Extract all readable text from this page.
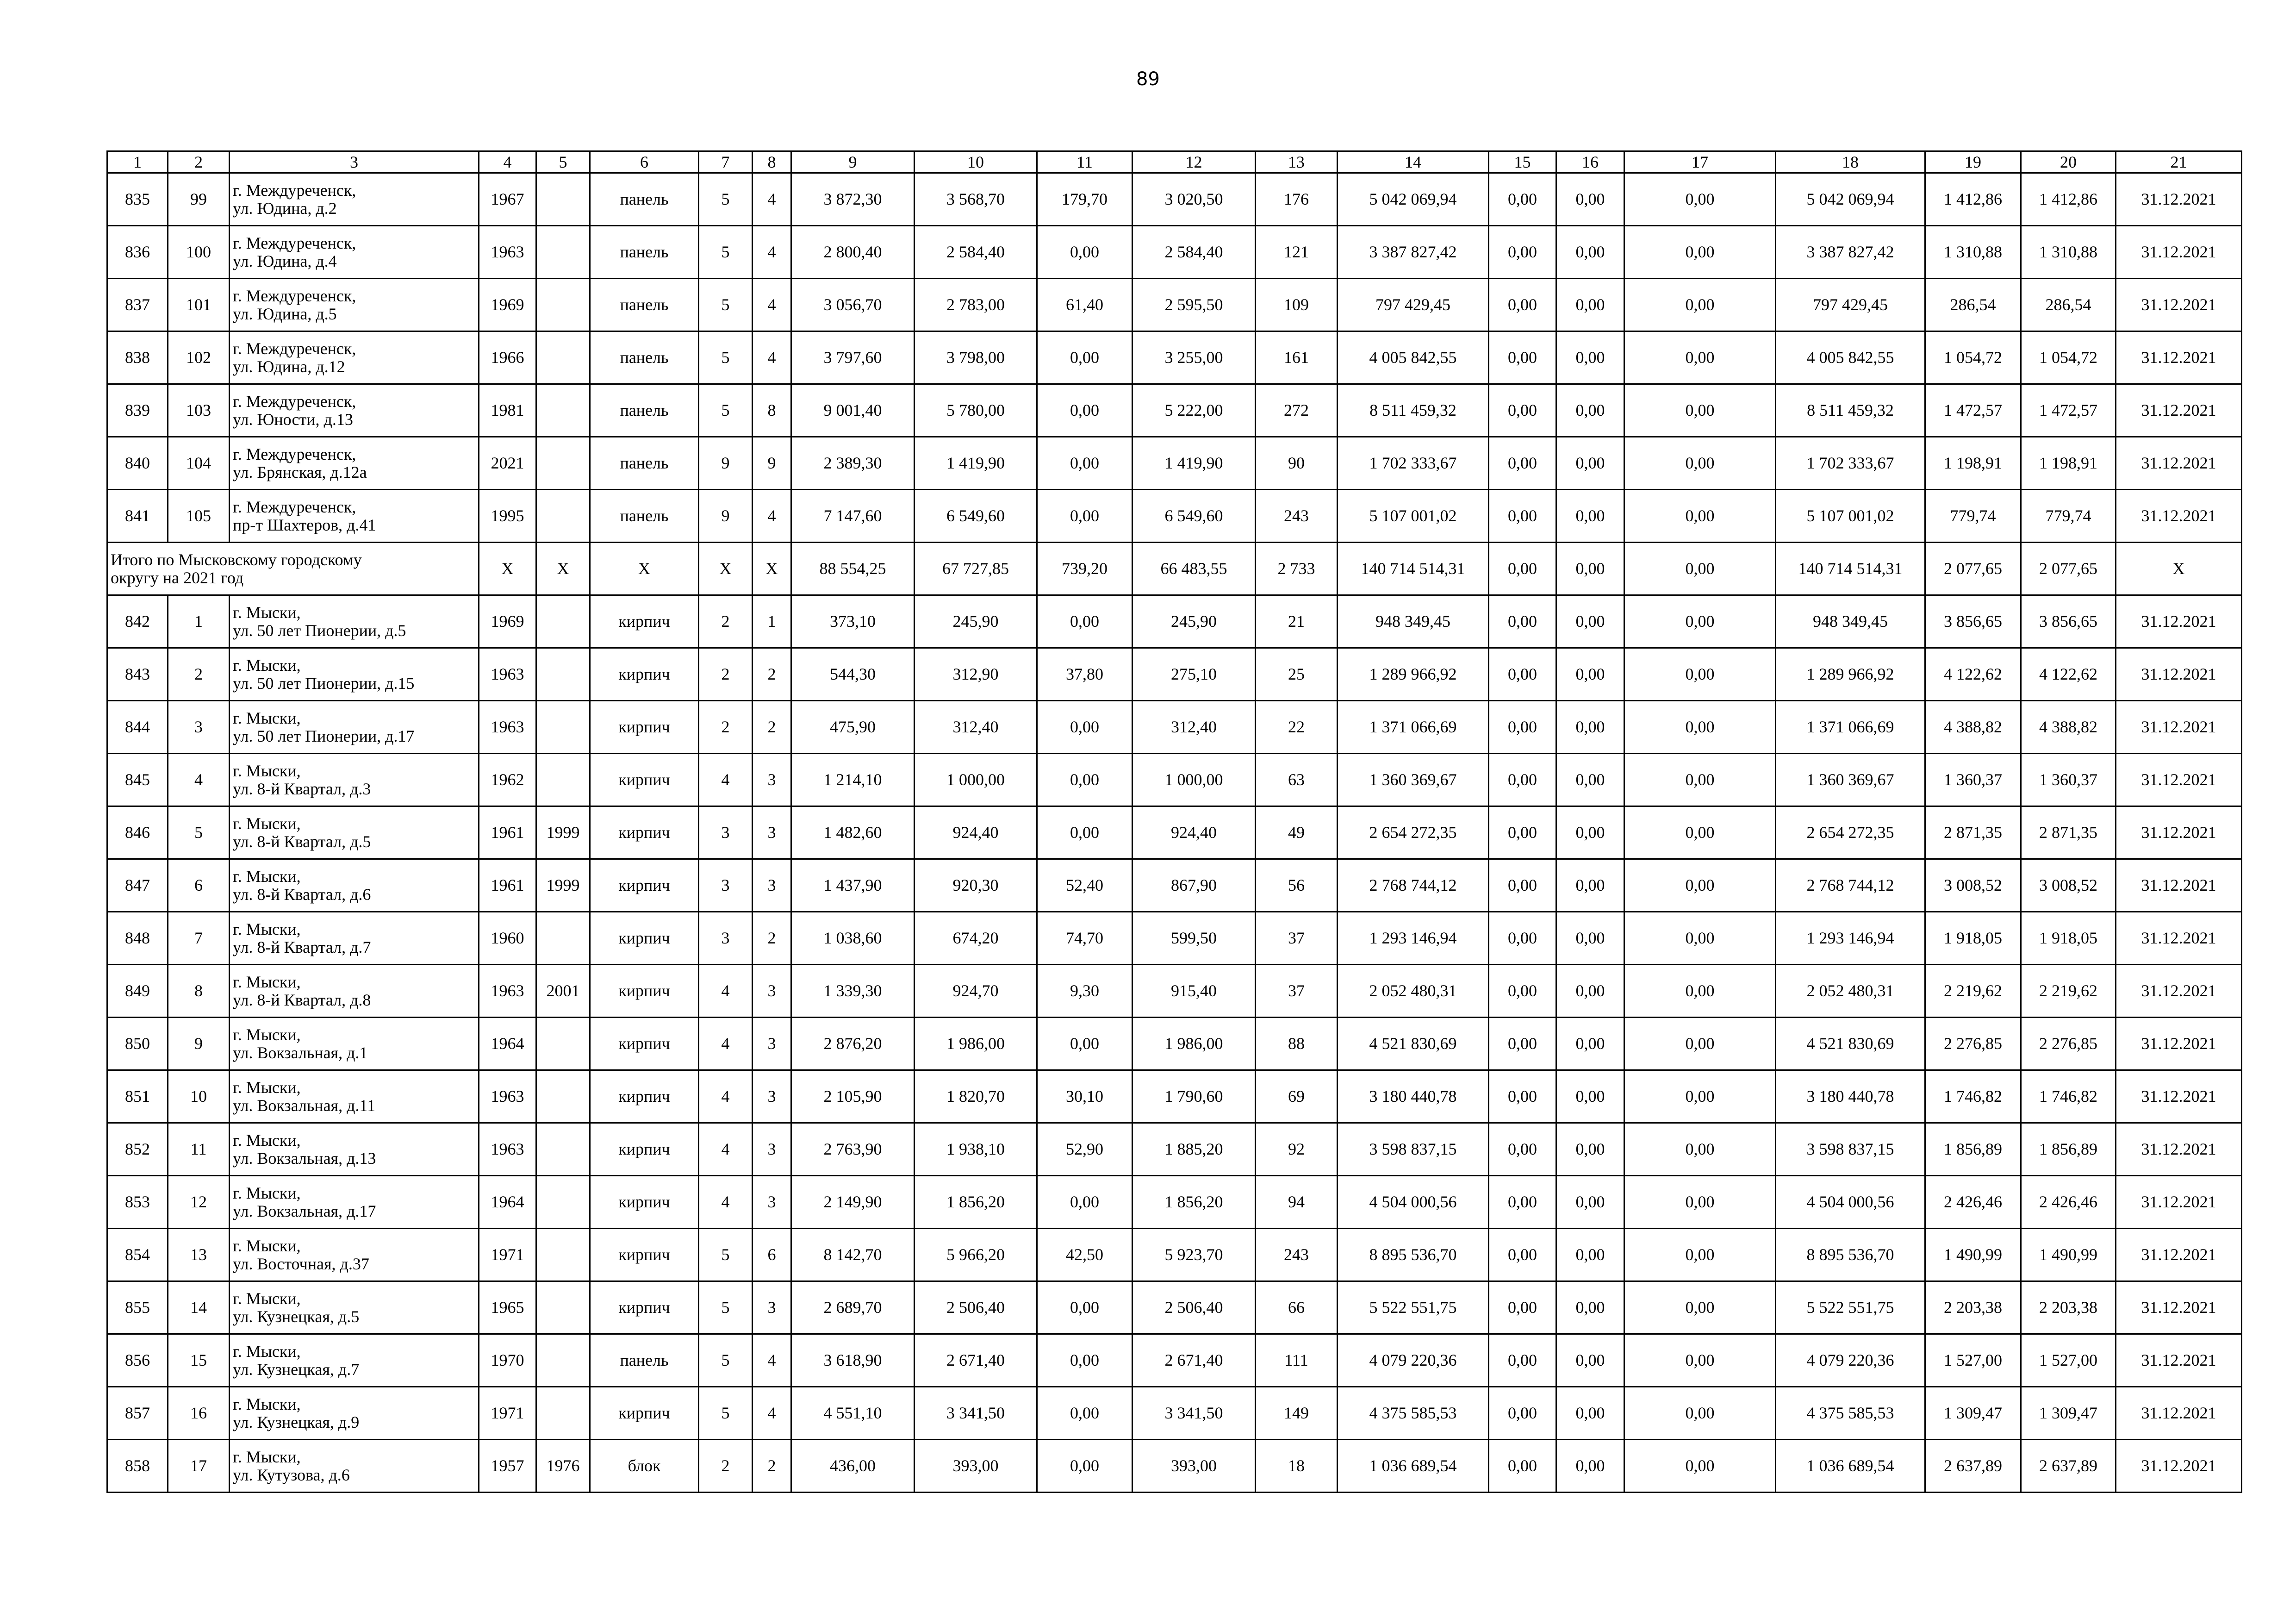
89
1	2	3	4	5	6	7	8	9	10	11	12	13	14	15	16	17	18	19	20	21
835	99	г. Междуреченск,
ул. Юдина, д.2	1967		панель	5	4	3 872,30	3 568,70	179,70	3 020,50	176	5 042 069,94	0,00	0,00	0,00	5 042 069,94	1 412,86	1 412,86	31.12.2021
836	100	г. Междуреченск,
ул. Юдина, д.4	1963		панель	5	4	2 800,40	2 584,40	0,00	2 584,40	121	3 387 827,42	0,00	0,00	0,00	3 387 827,42	1 310,88	1 310,88	31.12.2021
837	101	г. Междуреченск,
ул. Юдина, д.5	1969		панель	5	4	3 056,70	2 783,00	61,40	2 595,50	109	797 429,45	0,00	0,00	0,00	797 429,45	286,54	286,54	31.12.2021
838	102	г. Междуреченск,
ул. Юдина, д.12	1966		панель	5	4	3 797,60	3 798,00	0,00	3 255,00	161	4 005 842,55	0,00	0,00	0,00	4 005 842,55	1 054,72	1 054,72	31.12.2021
839	103	г. Междуреченск,
ул. Юности, д.13	1981		панель	5	8	9 001,40	5 780,00	0,00	5 222,00	272	8 511 459,32	0,00	0,00	0,00	8 511 459,32	1 472,57	1 472,57	31.12.2021
840	104	г. Междуреченск,
ул. Брянская, д.12а	2021		панель	9	9	2 389,30	1 419,90	0,00	1 419,90	90	1 702 333,67	0,00	0,00	0,00	1 702 333,67	1 198,91	1 198,91	31.12.2021
841	105	г. Междуреченск,
пр-т Шахтеров, д.41	1995		панель	9	4	7 147,60	6 549,60	0,00	6 549,60	243	5 107 001,02	0,00	0,00	0,00	5 107 001,02	779,74	779,74	31.12.2021

Итого по Мысковскому городскому
округу на 2021 год			X	X	X	X	X	88 554,25	67 727,85	739,20	66 483,55	2 733	140 714 514,31	0,00	0,00	0,00	140 714 514,31	2 077,65	2 077,65	X
842	1	г. Мыски,
ул. 50 лет Пионерии, д.5	1969		кирпич	2	1	373,10	245,90	0,00	245,90	21	948 349,45	0,00	0,00	0,00	948 349,45	3 856,65	3 856,65	31.12.2021
843	2	г. Мыски,
ул. 50 лет Пионерии, д.15	1963		кирпич	2	2	544,30	312,90	37,80	275,10	25	1 289 966,92	0,00	0,00	0,00	1 289 966,92	4 122,62	4 122,62	31.12.2021
844	3	г. Мыски,
ул. 50 лет Пионерии, д.17	1963		кирпич	2	2	475,90	312,40	0,00	312,40	22	1 371 066,69	0,00	0,00	0,00	1 371 066,69	4 388,82	4 388,82	31.12.2021
845	4	г. Мыски,
ул. 8-й Квартал, д.3	1962		кирпич	4	3	1 214,10	1 000,00	0,00	1 000,00	63	1 360 369,67	0,00	0,00	0,00	1 360 369,67	1 360,37	1 360,37	31.12.2021
846	5	г. Мыски,
ул. 8-й Квартал, д.5	1961	1999	кирпич	3	3	1 482,60	924,40	0,00	924,40	49	2 654 272,35	0,00	0,00	0,00	2 654 272,35	2 871,35	2 871,35	31.12.2021
847	6	г. Мыски,
ул. 8-й Квартал, д.6	1961	1999	кирпич	3	3	1 437,90	920,30	52,40	867,90	56	2 768 744,12	0,00	0,00	0,00	2 768 744,12	3 008,52	3 008,52	31.12.2021
848	7	г. Мыски,
ул. 8-й Квартал, д.7	1960		кирпич	3	2	1 038,60	674,20	74,70	599,50	37	1 293 146,94	0,00	0,00	0,00	1 293 146,94	1 918,05	1 918,05	31.12.2021
849	8	г. Мыски,
ул. 8-й Квартал, д.8	1963	2001	кирпич	4	3	1 339,30	924,70	9,30	915,40	37	2 052 480,31	0,00	0,00	0,00	2 052 480,31	2 219,62	2 219,62	31.12.2021
850	9	г. Мыски,
ул. Вокзальная, д.1	1964		кирпич	4	3	2 876,20	1 986,00	0,00	1 986,00	88	4 521 830,69	0,00	0,00	0,00	4 521 830,69	2 276,85	2 276,85	31.12.2021
851	10	г. Мыски,
ул. Вокзальная, д.11	1963		кирпич	4	3	2 105,90	1 820,70	30,10	1 790,60	69	3 180 440,78	0,00	0,00	0,00	3 180 440,78	1 746,82	1 746,82	31.12.2021
852	11	г. Мыски,
ул. Вокзальная, д.13	1963		кирпич	4	3	2 763,90	1 938,10	52,90	1 885,20	92	3 598 837,15	0,00	0,00	0,00	3 598 837,15	1 856,89	1 856,89	31.12.2021
853	12	г. Мыски,
ул. Вокзальная, д.17	1964		кирпич	4	3	2 149,90	1 856,20	0,00	1 856,20	94	4 504 000,56	0,00	0,00	0,00	4 504 000,56	2 426,46	2 426,46	31.12.2021
854	13	г. Мыски,
ул. Восточная, д.37	1971		кирпич	5	6	8 142,70	5 966,20	42,50	5 923,70	243	8 895 536,70	0,00	0,00	0,00	8 895 536,70	1 490,99	1 490,99	31.12.2021
855	14	г. Мыски,
ул. Кузнецкая, д.5	1965		кирпич	5	3	2 689,70	2 506,40	0,00	2 506,40	66	5 522 551,75	0,00	0,00	0,00	5 522 551,75	2 203,38	2 203,38	31.12.2021
856	15	г. Мыски,
ул. Кузнецкая, д.7	1970		панель	5	4	3 618,90	2 671,40	0,00	2 671,40	111	4 079 220,36	0,00	0,00	0,00	4 079 220,36	1 527,00	1 527,00	31.12.2021
857	16	г. Мыски,
ул. Кузнецкая, д.9	1971		кирпич	5	4	4 551,10	3 341,50	0,00	3 341,50	149	4 375 585,53	0,00	0,00	0,00	4 375 585,53	1 309,47	1 309,47	31.12.2021
858	17	г. Мыски,
ул. Кутузова, д.6	1957	1976	блок	2	2	436,00	393,00	0,00	393,00	18	1 036 689,54	0,00	0,00	0,00	1 036 689,54	2 637,89	2 637,89	31.12.2021
